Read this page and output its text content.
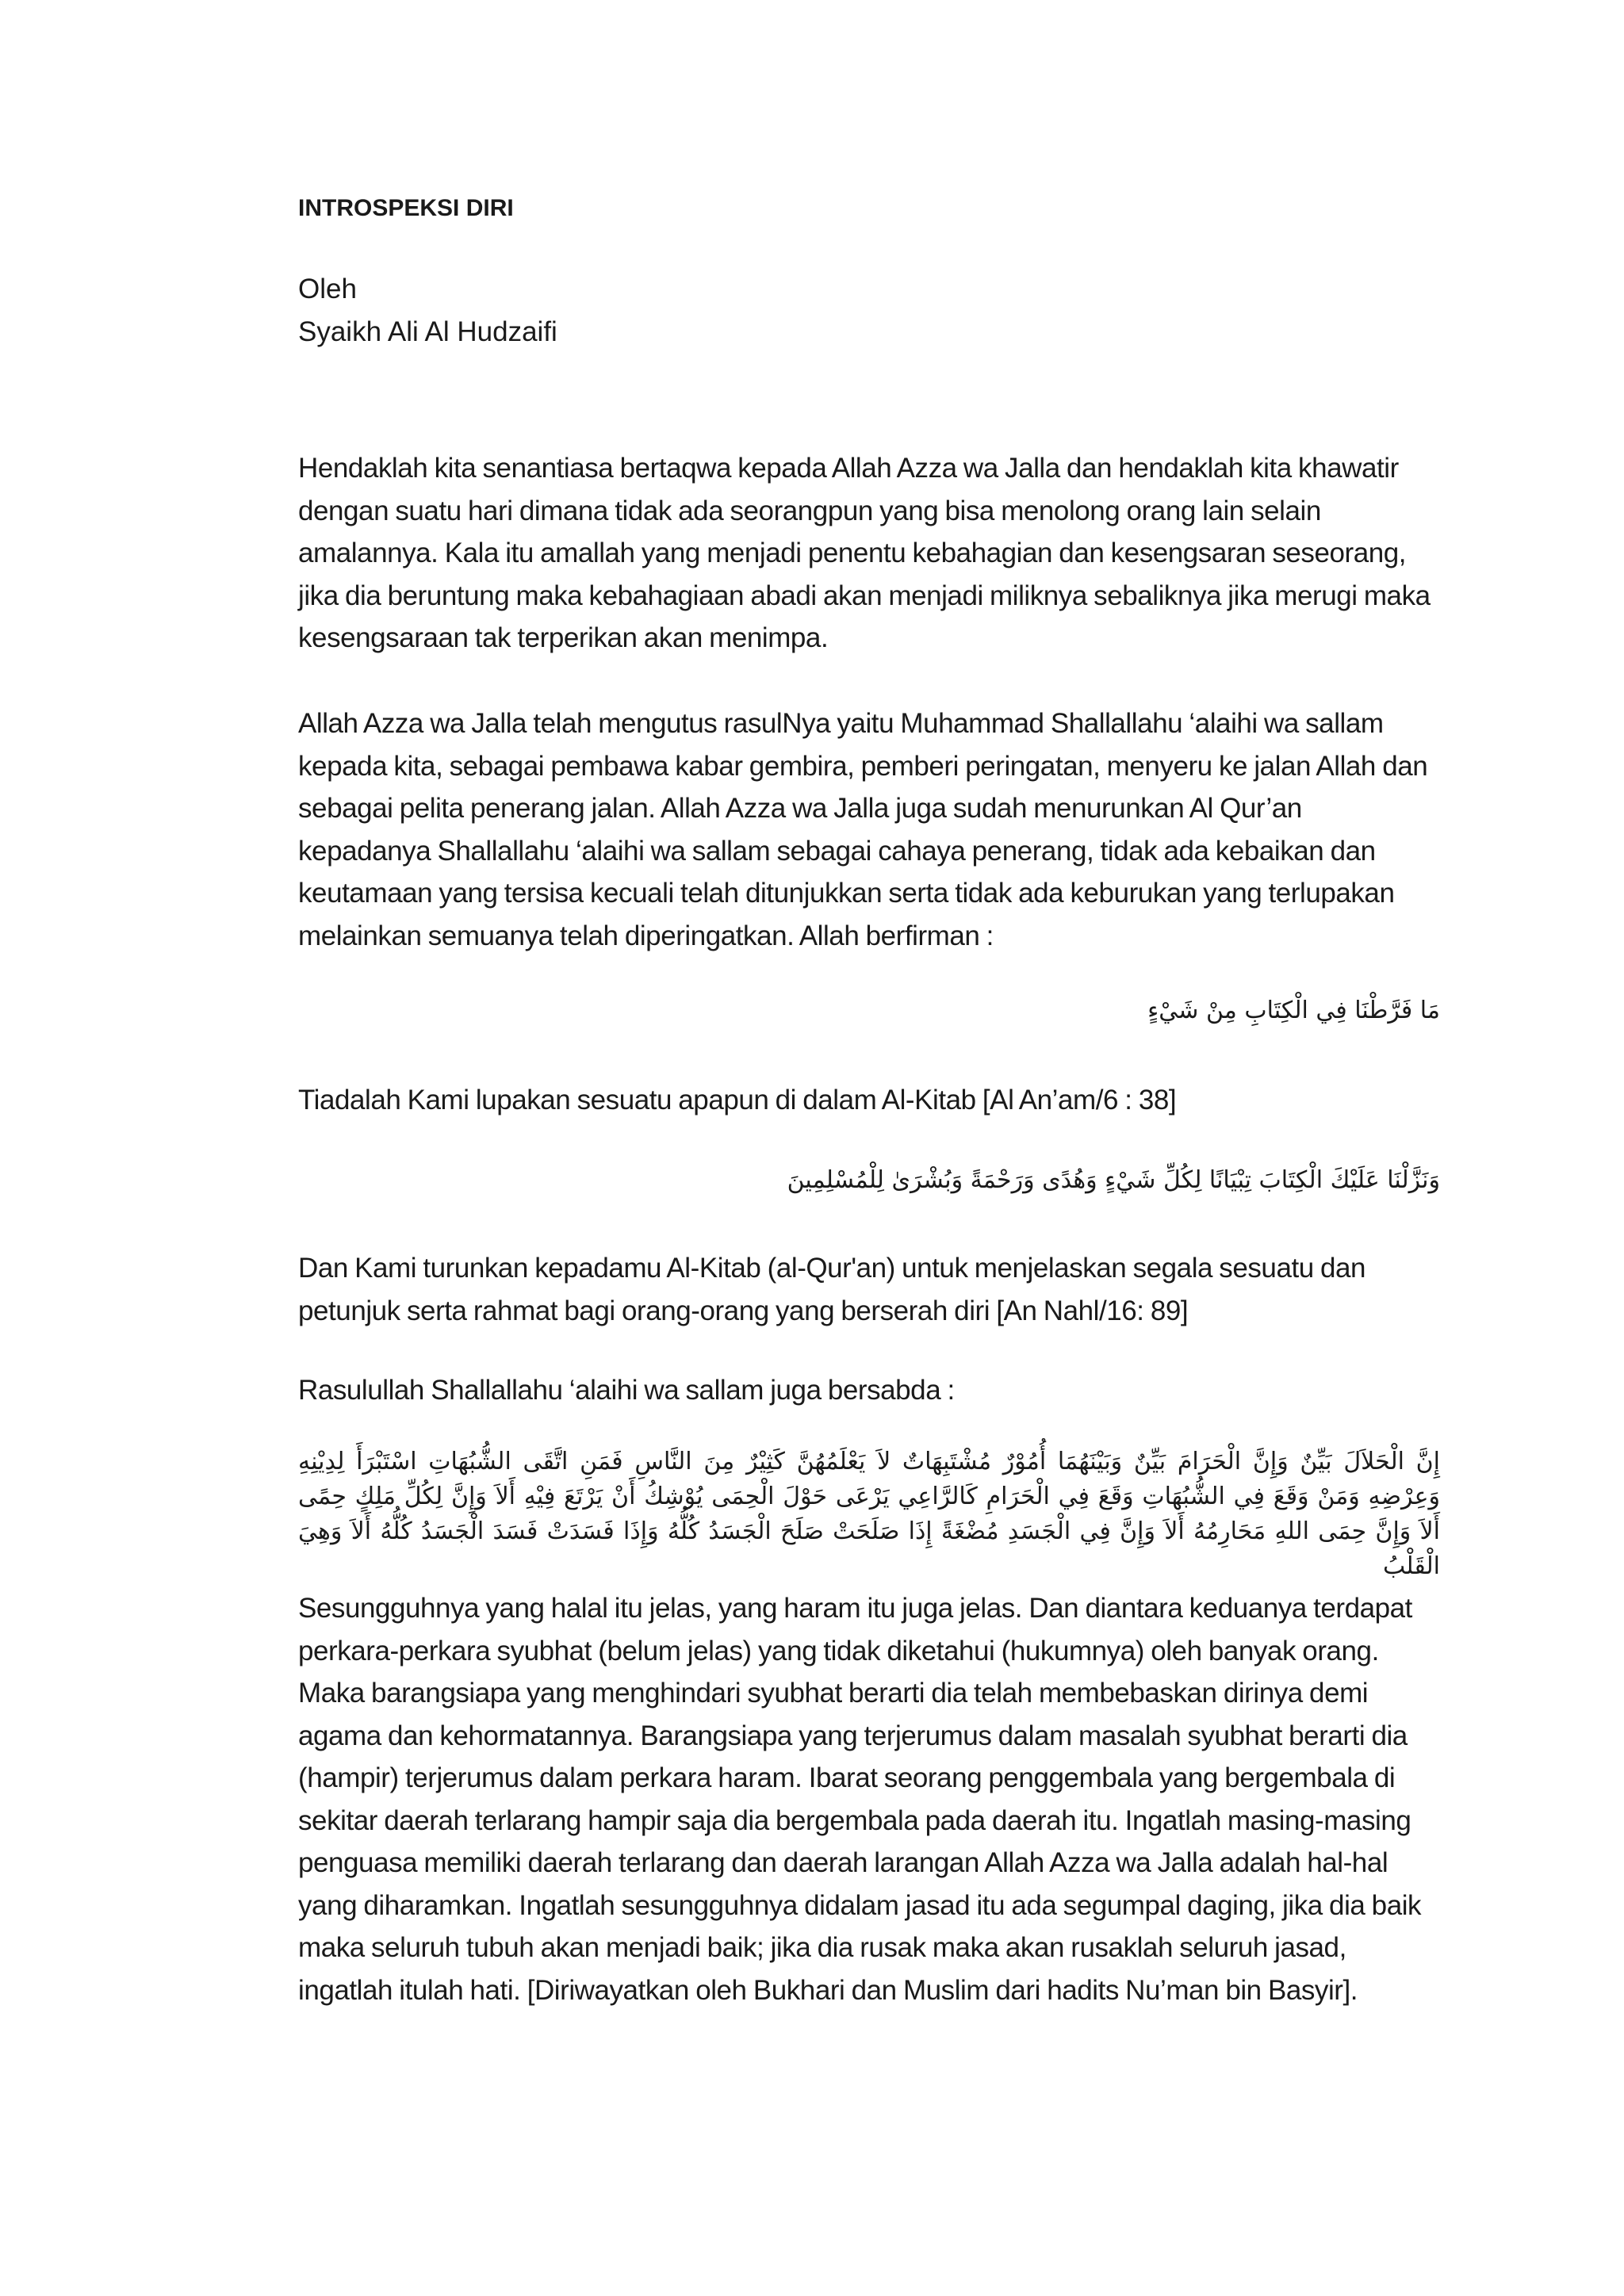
INTROSPEKSI DIRI
Oleh
Syaikh Ali Al Hudzaifi

Hendaklah kita senantiasa bertaqwa kepada Allah Azza wa Jalla dan hendaklah kita khawatir dengan suatu hari dimana tidak ada seorangpun yang bisa menolong orang lain selain amalannya. Kala itu amallah yang menjadi penentu kebahagian dan kesengsaran seseorang, jika dia beruntung maka kebahagiaan abadi akan menjadi miliknya sebaliknya jika merugi maka kesengsaraan tak terperikan akan menimpa.

Allah Azza wa Jalla telah mengutus rasulNya yaitu Muhammad Shallallahu ‘alaihi wa sallam kepada kita, sebagai pembawa kabar gembira, pemberi peringatan, menyeru ke jalan Allah dan sebagai pelita penerang jalan. Allah Azza wa Jalla juga sudah menurunkan Al Qur’an kepadanya Shallallahu ‘alaihi wa sallam sebagai cahaya penerang, tidak ada kebaikan dan keutamaan yang tersisa kecuali telah ditunjukkan serta tidak ada keburukan yang terlupakan melainkan semuanya telah diperingatkan. Allah berfirman :

مَا فَرَّطْنَا فِي الْكِتَابِ مِنْ شَيْءٍ

Tiadalah Kami lupakan sesuatu apapun di dalam Al-Kitab [Al An’am/6 : 38]

وَنَزَّلْنَا عَلَيْكَ الْكِتَابَ تِبْيَانًا لِكُلِّ شَيْءٍ وَهُدًى وَرَحْمَةً وَبُشْرَىٰ لِلْمُسْلِمِينَ

Dan Kami turunkan kepadamu Al-Kitab (al-Qur'an) untuk menjelaskan segala sesuatu dan petunjuk serta rahmat bagi orang-orang yang berserah diri [An Nahl/16: 89]

Rasulullah Shallallahu ‘alaihi wa sallam juga bersabda :

إِنَّ الْحَلاَلَ بَيِّنٌ وَإِنَّ الْحَرَامَ بَيِّنٌ وَبَيْنَهُمَا أُمُوْرٌ مُشْتَبِهَاتٌ لاَ يَعْلَمُهُنَّ كَثِيْرٌ مِنَ النَّاسِ فَمَنِ اتَّقَى الشُّبُهَاتِ اسْتَبْرَأَ لِدِيْنِهِ وَعِرْضِهِ وَمَنْ وَقَعَ فِي الشُّبُهَاتِ وَقَعَ فِي الْحَرَامِ كَالرَّاعِي يَرْعَى حَوْلَ الْحِمَى يُوْشِكُ أَنْ يَرْتَعَ فِيْهِ أَلاَ وَإِنَّ لِكُلِّ مَلِكٍ حِمًى أَلاَ وَإِنَّ حِمَى اللهِ مَحَارِمُهُ أَلاَ وَإِنَّ فِي الْجَسَدِ مُضْغَةً إِذَا صَلَحَتْ صَلَحَ الْجَسَدُ كُلُّهُ وَإِذَا فَسَدَتْ فَسَدَ الْجَسَدُ كُلُّهُ أَلاَ وَهِيَ الْقَلْبُ

Sesungguhnya yang halal itu jelas, yang haram itu juga jelas. Dan diantara keduanya terdapat perkara-perkara syubhat (belum jelas) yang tidak diketahui (hukumnya) oleh banyak orang. Maka barangsiapa yang menghindari syubhat berarti dia telah membebaskan dirinya demi agama dan kehormatannya. Barangsiapa yang terjerumus dalam masalah syubhat berarti dia (hampir) terjerumus dalam perkara haram. Ibarat seorang penggembala yang bergembala di sekitar daerah terlarang hampir saja dia bergembala pada daerah itu. Ingatlah masing-masing penguasa memiliki daerah terlarang dan daerah larangan Allah Azza wa Jalla adalah hal-hal yang diharamkan. Ingatlah sesungguhnya didalam jasad itu ada segumpal daging, jika dia baik maka seluruh tubuh akan menjadi baik; jika dia rusak maka akan rusaklah seluruh jasad, ingatlah itulah hati. [Diriwayatkan oleh Bukhari dan Muslim dari hadits Nu’man bin Basyir].
